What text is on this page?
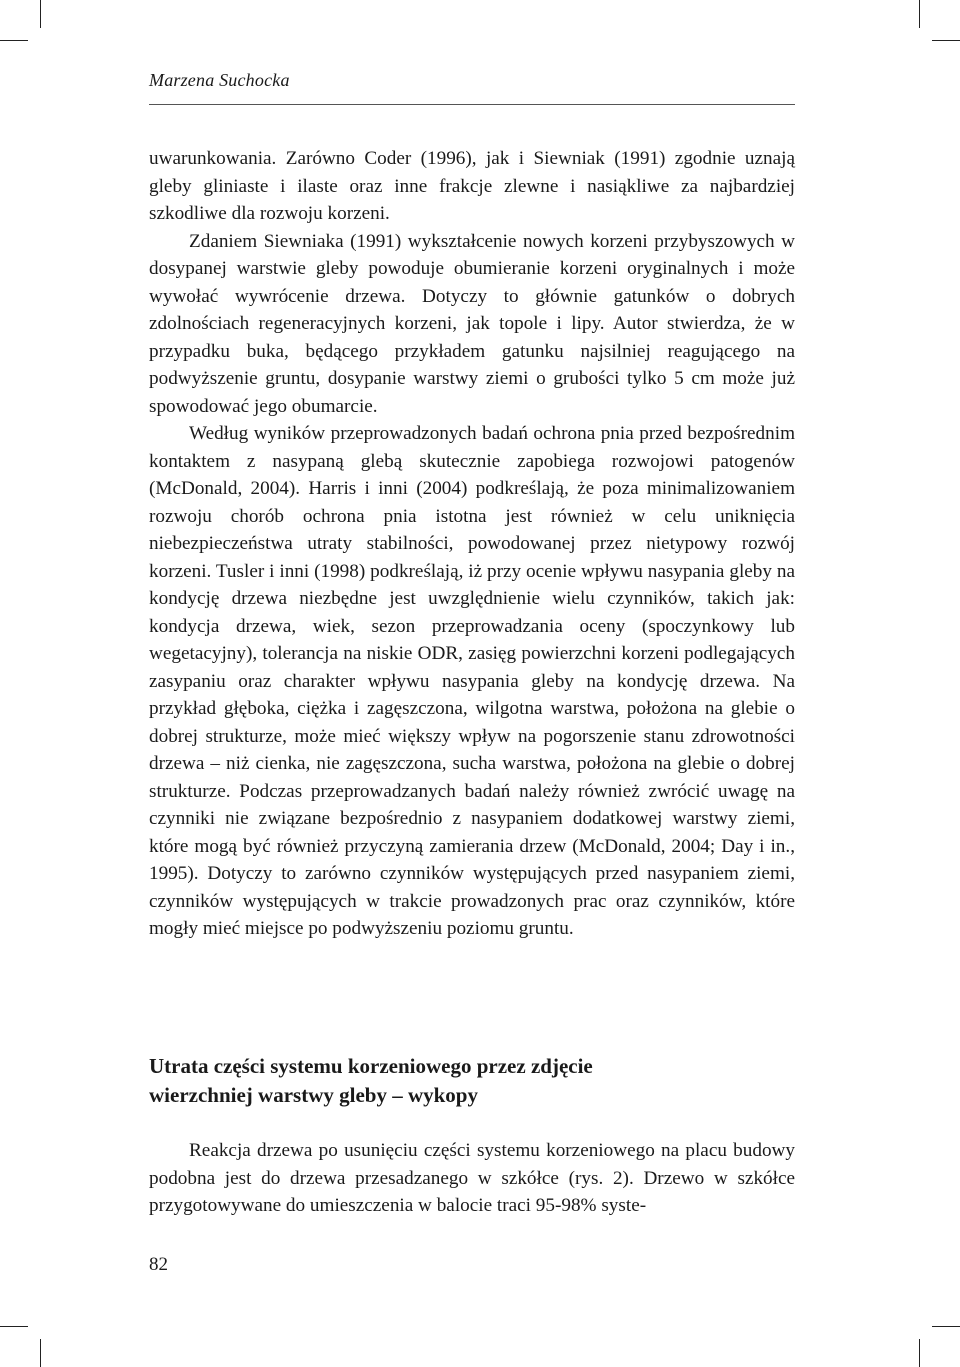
Marzena Suchocka

uwarunkowania. Zarówno Coder (1996), jak i Siewniak (1991) zgodnie uznają gleby gliniaste i ilaste oraz inne frakcje zlewne i nasiąkliwe za najbardziej szkodliwe dla rozwoju korzeni.

Zdaniem Siewniaka (1991) wykształcenie nowych korzeni przybyszowych w dosypanej warstwie gleby powoduje obumieranie korzeni oryginalnych i może wywołać wywrócenie drzewa. Dotyczy to głównie gatunków o dobrych zdolnościach regeneracyjnych korzeni, jak topole i lipy. Autor stwierdza, że w przypadku buka, będącego przykładem gatunku najsilniej reagującego na podwyższenie gruntu, dosypanie warstwy ziemi o grubości tylko 5 cm może już spowodować jego obumarcie.

Według wyników przeprowadzonych badań ochrona pnia przed bezpośrednim kontaktem z nasypaną glebą skutecznie zapobiega rozwojowi patogenów (McDonald, 2004). Harris i inni (2004) podkreślają, że poza minimalizowaniem rozwoju chorób ochrona pnia istotna jest również w celu uniknięcia niebezpieczeństwa utraty stabilności, powodowanej przez nietypowy rozwój korzeni. Tusler i inni (1998) podkreślają, iż przy ocenie wpływu nasypania gleby na kondycję drzewa niezbędne jest uwzględnienie wielu czynników, takich jak: kondycja drzewa, wiek, sezon przeprowadzania oceny (spoczynkowy lub wegetacyjny), tolerancja na niskie ODR, zasięg powierzchni korzeni podlegających zasypaniu oraz charakter wpływu nasypania gleby na kondycję drzewa. Na przykład głęboka, ciężka i zagęszczona, wilgotna warstwa, położona na glebie o dobrej strukturze, może mieć większy wpływ na pogorszenie stanu zdrowotności drzewa – niż cienka, nie zagęszczona, sucha warstwa, położona na glebie o dobrej strukturze. Podczas przeprowadzanych badań należy również zwrócić uwagę na czynniki nie związane bezpośrednio z nasypaniem dodatkowej warstwy ziemi, które mogą być również przyczyną zamierania drzew (McDonald, 2004; Day i in., 1995). Dotyczy to zarówno czynników występujących przed nasypaniem ziemi, czynników występujących w trakcie prowadzonych prac oraz czynników, które mogły mieć miejsce po podwyższeniu poziomu gruntu.

Utrata części systemu korzeniowego przez zdjęcie
wierzchniej warstwy gleby – wykopy

Reakcja drzewa po usunięciu części systemu korzeniowego na placu budowy podobna jest do drzewa przesadzanego w szkółce (rys. 2). Drzewo w szkółce przygotowywane do umieszczenia w balocie traci 95-98% syste-

82
